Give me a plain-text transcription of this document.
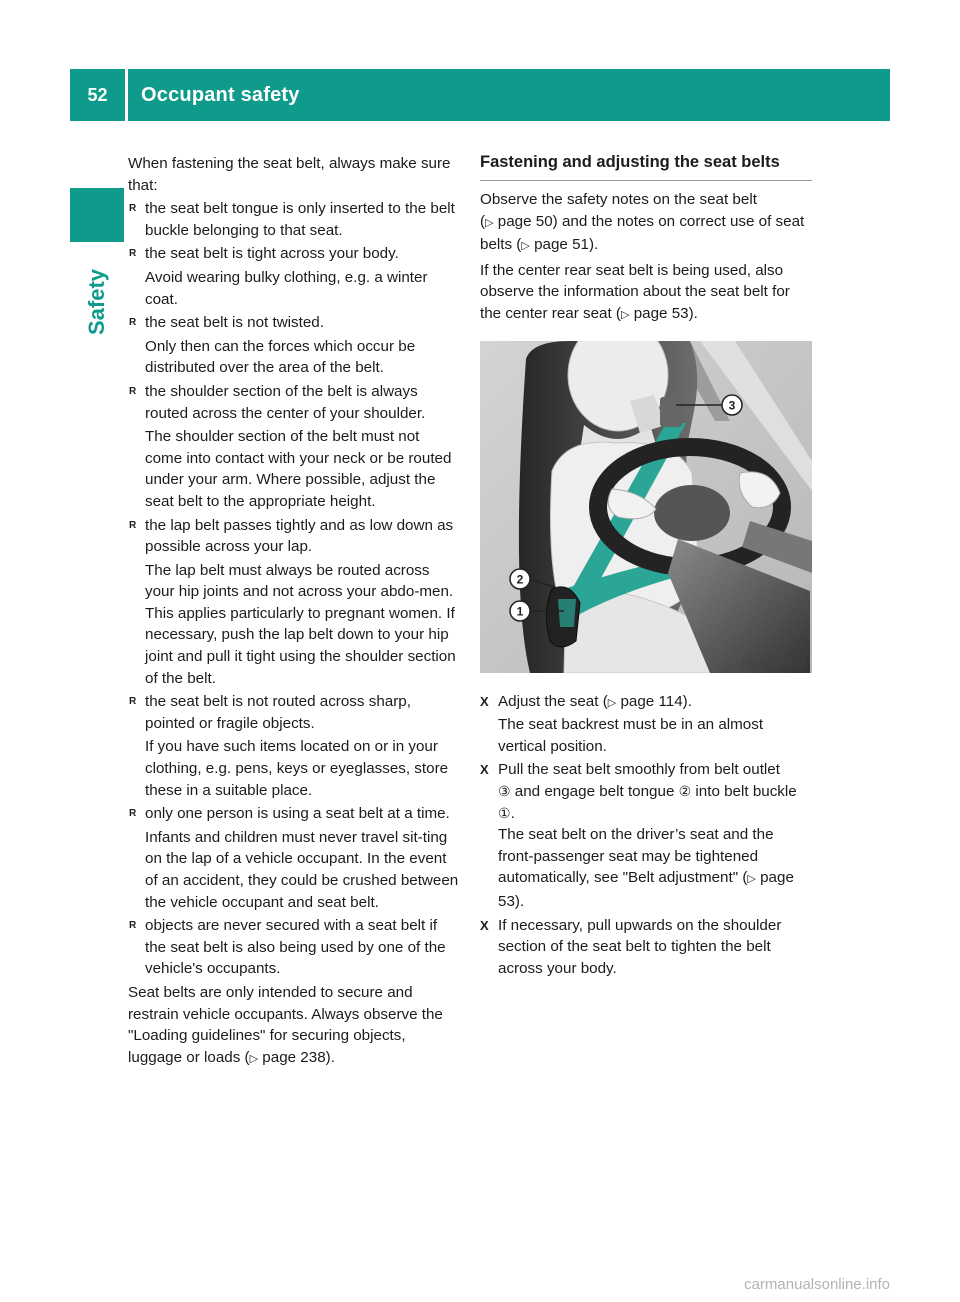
52	Occupant safety
Safety

When fastening the seat belt, always make sure that:

R the seat belt tongue is only inserted to the belt buckle belonging to that seat.
R the seat belt is tight across your body.
Avoid wearing bulky clothing, e.g. a winter coat.
R the seat belt is not twisted.
Only then can the forces which occur be distributed over the area of the belt.
R the shoulder section of the belt is always routed across the center of your shoulder.
The shoulder section of the belt must not come into contact with your neck or be routed under your arm. Where possible, adjust the seat belt to the appropriate height.
R the lap belt passes tightly and as low down as possible across your lap.
The lap belt must always be routed across your hip joints and not across your abdo-men. This applies particularly to pregnant women. If necessary, push the lap belt down to your hip joint and pull it tight using the shoulder section of the belt.
R the seat belt is not routed across sharp, pointed or fragile objects.
If you have such items located on or in your clothing, e.g. pens, keys or eyeglasses, store these in a suitable place.
R only one person is using a seat belt at a time.
Infants and children must never travel sit-ting on the lap of a vehicle occupant. In the event of an accident, they could be crushed between the vehicle occupant and seat belt.
R objects are never secured with a seat belt if the seat belt is also being used by one of the vehicle's occupants.

Seat belts are only intended to secure and restrain vehicle occupants. Always observe the "Loading guidelines" for securing objects, luggage or loads (▷ page 238).

Fastening and adjusting the seat belts

Observe the safety notes on the seat belt (▷ page 50) and the notes on correct use of seat belts (▷ page 51).

If the center rear seat belt is being used, also observe the information about the seat belt for the center rear seat (▷ page 53).

3
2
1
P91.40-3353-31
X Adjust the seat (▷ page 114).
The seat backrest must be in an almost vertical position.
X Pull the seat belt smoothly from belt outlet
③ and engage belt tongue ② into belt buckle ①.
The seat belt on the driver’s seat and the front-passenger seat may be tightened automatically, see "Belt adjustment" (▷ page 53).
X If necessary, pull upwards on the shoulder section of the seat belt to tighten the belt across your body.
carmanualsonline.info
